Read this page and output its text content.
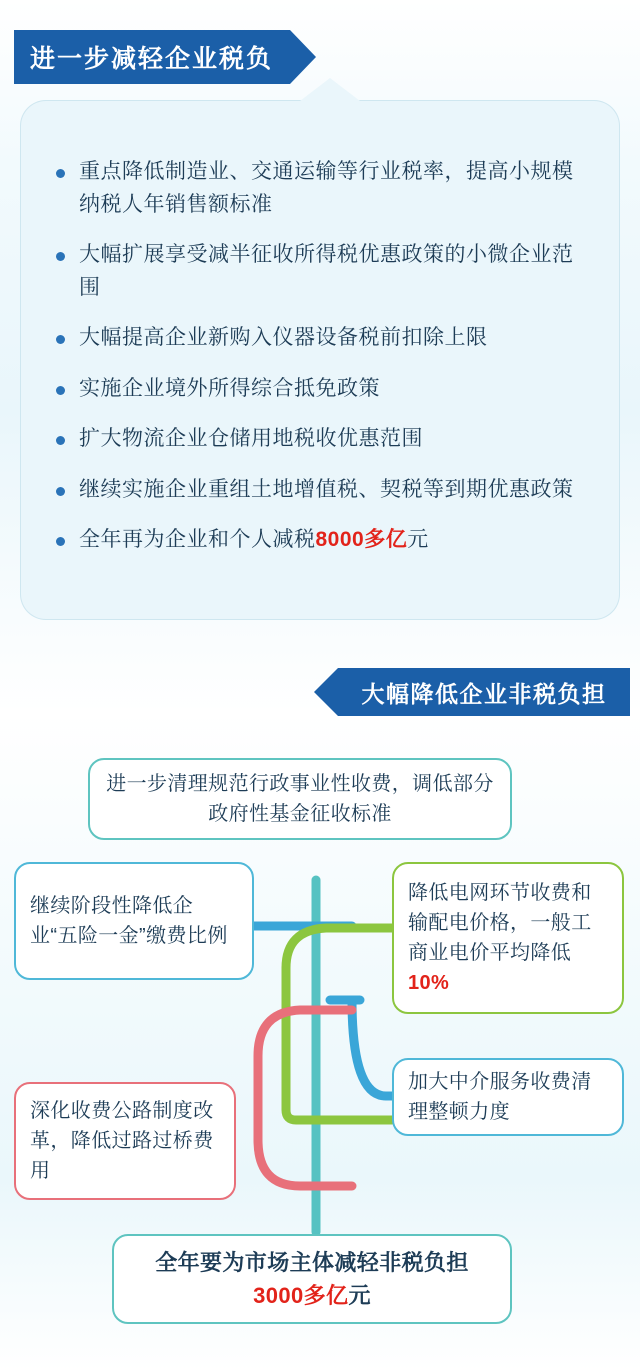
进一步减轻企业税负
重点降低制造业、交通运输等行业税率，提高小规模纳税人年销售额标准
大幅扩展享受减半征收所得税优惠政策的小微企业范围
大幅提高企业新购入仪器设备税前扣除上限
实施企业境外所得综合抵免政策
扩大物流企业仓储用地税收优惠范围
继续实施企业重组土地增值税、契税等到期优惠政策
全年再为企业和个人减税8000多亿元
大幅降低企业非税负担
进一步清理规范行政事业性收费，调低部分政府性基金征收标准
继续阶段性降低企业“五险一金”缴费比例
降低电网环节收费和输配电价格，一般工商业电价平均降低10%
加大中介服务收费清理整顿力度
深化收费公路制度改革，降低过路过桥费用
全年要为市场主体减轻非税负担
3000多亿元
